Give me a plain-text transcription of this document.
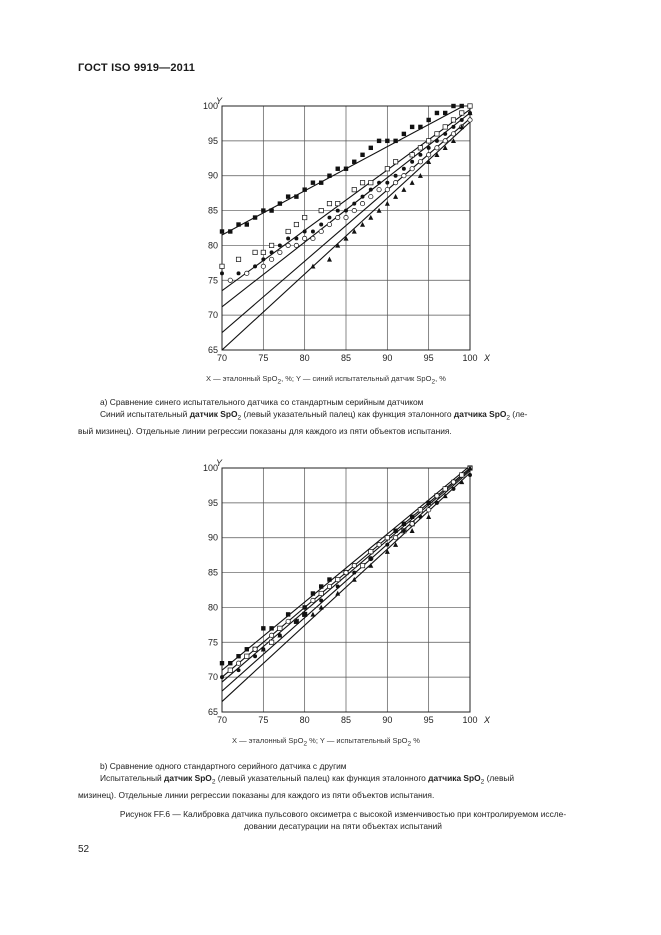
ГОСТ ISO 9919—2011
70	75	80	85	90	95	100
65
70
75
80
85
90
95
100
X
Y
X — эталонный SpO$_2$, %; Y — синий испытательный датчик SpO$_2$, %

а) Сравнение синего испытательного датчика со стандартным серийным датчиком

Синий испытательный датчик SpO$_2$ (левый указательный палец) как функция эталонного датчика SpO$_2$ (ле-

вый мизинец). Отдельные линии регрессии показаны для каждого из пяти объектов испытания.

70	75	80	85	90	95	100
65
70
75
80
85
90
95
100
X
Y
X — эталонный SpO$_2$ %; Y — испытательный SpO$_2$ %

b) Сравнение одного стандартного серийного датчика с другим

Испытательный датчик SpO$_2$ (левый указательный палец) как функция эталонного датчика SpO$_2$ (левый

мизинец). Отдельные линии регрессии показаны для каждого из пяти объектов испытания.

Рисунок FF.6 — Калибровка датчика пульсового оксиметра с высокой изменчивостью при контролируемом иссле-
довании десатурации на пяти объектах испытаний
52
